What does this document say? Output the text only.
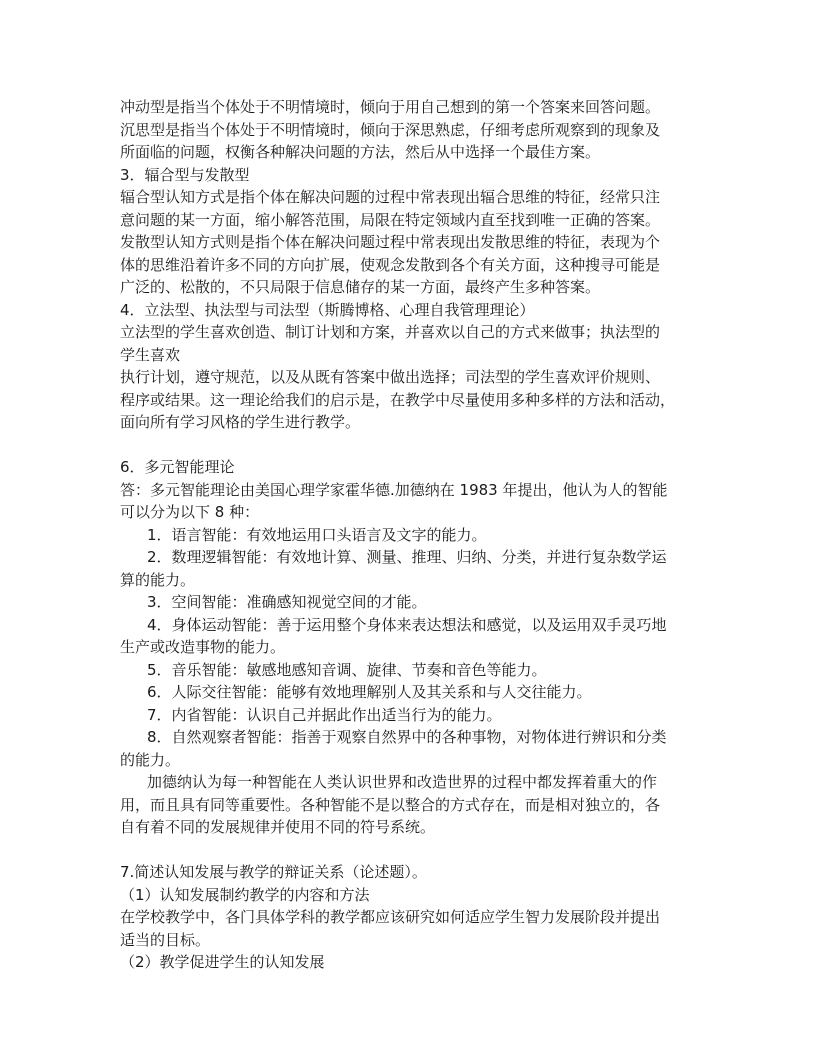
冲动型是指当个体处于不明情境时，倾向于用自己想到的第一个答案来回答问题。
沉思型是指当个体处于不明情境时，倾向于深思熟虑，仔细考虑所观察到的现象及
所面临的问题，权衡各种解决问题的方法，然后从中选择一个最佳方案。
3．辐合型与发散型
辐合型认知方式是指个体在解决问题的过程中常表现出辐合思维的特征，经常只注
意问题的某一方面，缩小解答范围，局限在特定领域内直至找到唯一正确的答案。
发散型认知方式则是指个体在解决问题过程中常表现出发散思维的特征，表现为个
体的思维沿着许多不同的方向扩展，使观念发散到各个有关方面，这种搜寻可能是
广泛的、松散的，不只局限于信息储存的某一方面，最终产生多种答案。
4．立法型、执法型与司法型（斯腾博格、心理自我管理理论）
立法型的学生喜欢创造、制订计划和方案，并喜欢以自己的方式来做事；执法型的
学生喜欢
执行计划，遵守规范，以及从既有答案中做出选择；司法型的学生喜欢评价规则、
程序或结果。这一理论给我们的启示是，在教学中尽量使用多种多样的方法和活动，
面向所有学习风格的学生进行教学。
6．多元智能理论
答：多元智能理论由美国心理学家霍华德.加德纳在 1983 年提出，他认为人的智能
可以分为以下 8 种：
1．语言智能：有效地运用口头语言及文字的能力。
2．数理逻辑智能：有效地计算、测量、推理、归纳、分类，并进行复杂数学运
算的能力。
3．空间智能：准确感知视觉空间的才能。
4．身体运动智能：善于运用整个身体来表达想法和感觉，以及运用双手灵巧地
生产或改造事物的能力。
5．音乐智能：敏感地感知音调、旋律、节奏和音色等能力。
6．人际交往智能：能够有效地理解别人及其关系和与人交往能力。
7．内省智能：认识自己并据此作出适当行为的能力。
8．自然观察者智能：指善于观察自然界中的各种事物，对物体进行辨识和分类
的能力。
加德纳认为每一种智能在人类认识世界和改造世界的过程中都发挥着重大的作
用，而且具有同等重要性。各种智能不是以整合的方式存在，而是相对独立的，各
自有着不同的发展规律并使用不同的符号系统。
7.简述认知发展与教学的辩证关系（论述题）。
（1）认知发展制约教学的内容和方法
在学校教学中，各门具体学科的教学都应该研究如何适应学生智力发展阶段并提出
适当的目标。
（2）教学促进学生的认知发展
